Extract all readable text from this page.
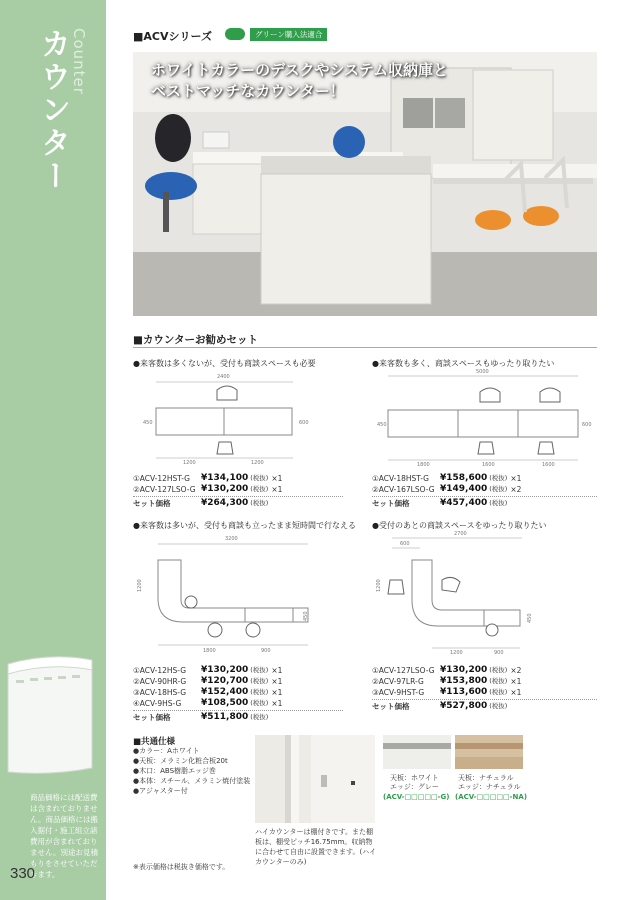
カウンター Counter
商品価格には配送費は含まれておりません。商品価格には搬入据付・施工組立諸費用が含まれておりません。別途お見積もりをさせていただきます。
330
■ACVシリーズ	グリーン購入法適合
ホワイトカラーのデスクやシステム収納庫と
ベストマッチなカウンター！
■カウンターお勧めセット
●来客数は多くないが、受付も商談スペースも必要
2400
450	600
1200	1200
①ACV-12HST-G	¥134,100 (税抜) ×1
②ACV-127LSO-G ¥130,200 (税抜) ×1
セット価格	¥264,300 (税抜)
●来客数も多く、商談スペースもゆったり取りたい
5000
450	600
1800	1600	1600
①ACV-18HST-G	¥158,600 (税抜) ×1
②ACV-167LSO-G ¥149,400 (税抜) ×2
セット価格	¥457,400 (税抜)
●来客数は多いが、受付も商談も立ったまま短時間で行なえる
3200
1200
450
1800	900
①ACV-12HS-G	¥130,200 (税抜) ×1
②ACV-90HR-G	¥120,700 (税抜) ×1
③ACV-18HS-G	¥152,400 (税抜) ×1
④ACV-9HS-G	¥108,500 (税抜) ×1
セット価格	¥511,800 (税抜)
●受付のあとの商談スペースをゆったり取りたい
2700
600
1200
450
1200	900
①ACV-127LSO-G ¥130,200 (税抜) ×2
②ACV-97LR-G	¥153,800 (税抜) ×1
③ACV-9HST-G	¥113,600 (税抜) ×1
セット価格	¥527,800 (税抜)
■共通仕様
●カラー：Aホワイト
●天板：メラミン化粧合板20t
●木口：ABS樹脂エッジ巻
●本体：スチール、メラミン焼付塗装
●アジャスター付
ハイカウンターは棚付きです。また棚板は、棚受ピッチ16.75mm。収納物に合わせて自由に設置できます。(ハイカウンターのみ)
天板：ホワイト
エッジ：グレー
(ACV-□□□□□-G)
天板：ナチュラル
エッジ：ナチュラル
(ACV-□□□□□-NA)
※表示価格は税抜き価格です。
